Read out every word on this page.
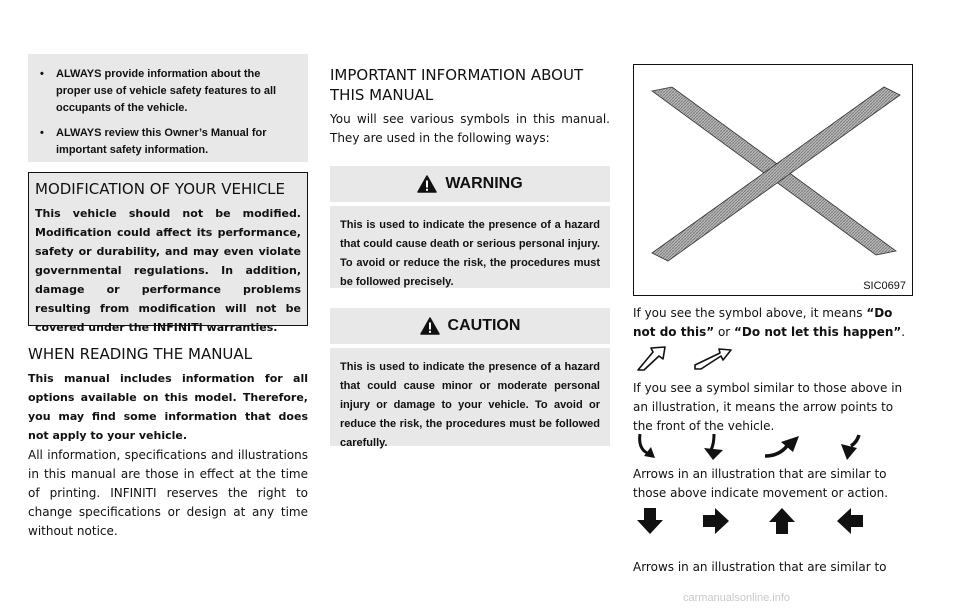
• ALWAYS provide information about the proper use of vehicle safety features to all occupants of the vehicle.
• ALWAYS review this Owner’s Manual for important safety information.
MODIFICATION OF YOUR VEHICLE

This vehicle should not be modified. Modification could affect its performance, safety or durability, and may even violate governmental regulations. In addition, damage or performance problems resulting from modification will not be covered under the INFINITI warranties.

WHEN READING THE MANUAL

This manual includes information for all options available on this model. Therefore, you may find some information that does not apply to your vehicle.

All information, specifications and illustrations in this manual are those in effect at the time of printing. INFINITI reserves the right to change specifications or design at any time without notice.

IMPORTANT INFORMATION ABOUT THIS MANUAL

You will see various symbols in this manual. They are used in the following ways:

WARNING
This is used to indicate the presence of a hazard that could cause death or serious personal injury. To avoid or reduce the risk, the procedures must be followed precisely.
CAUTION
This is used to indicate the presence of a hazard that could cause minor or moderate personal injury or damage to your vehicle. To avoid or reduce the risk, the procedures must be followed carefully.
SIC0697

If you see the symbol above, it means “Do not do this” or “Do not let this happen”.

If you see a symbol similar to those above in an illustration, it means the arrow points to the front of the vehicle.

Arrows in an illustration that are similar to those above indicate movement or action.

Arrows in an illustration that are similar to

carmanualsonline.info
